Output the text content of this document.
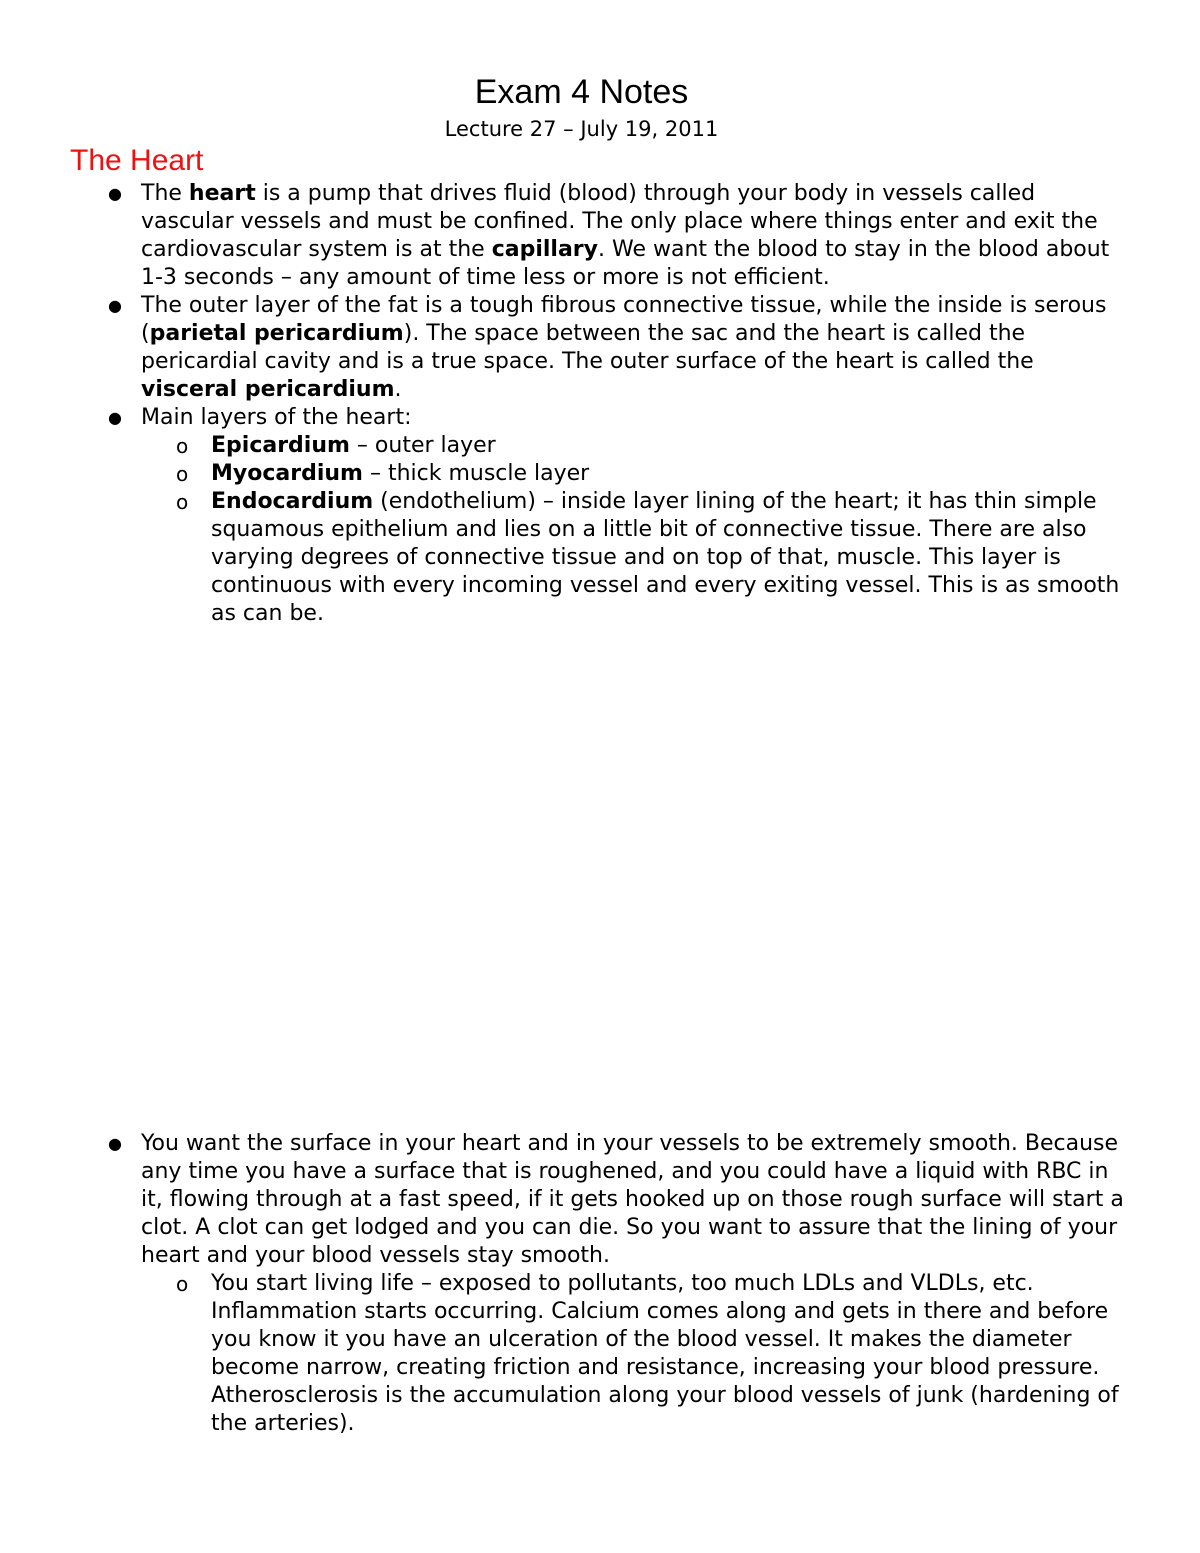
Exam 4 Notes
Lecture 27 – July 19, 2011
The Heart
● The heart is a pump that drives fluid (blood) through your body in vessels called vascular vessels and must be confined. The only place where things enter and exit the cardiovascular system is at the capillary. We want the blood to stay in the blood about 1-3 seconds – any amount of time less or more is not efficient.
● The outer layer of the fat is a tough fibrous connective tissue, while the inside is serous (parietal pericardium). The space between the sac and the heart is called the pericardial cavity and is a true space. The outer surface of the heart is called the visceral pericardium.
● Main layers of the heart:
o Epicardium – outer layer
o Myocardium – thick muscle layer
o Endocardium (endothelium) – inside layer lining of the heart; it has thin simple squamous epithelium and lies on a little bit of connective tissue. There are also varying degrees of connective tissue and on top of that, muscle. This layer is continuous with every incoming vessel and every exiting vessel. This is as smooth as can be.
● You want the surface in your heart and in your vessels to be extremely smooth. Because any time you have a surface that is roughened, and you could have a liquid with RBC in it, flowing through at a fast speed, if it gets hooked up on those rough surface will start a clot. A clot can get lodged and you can die. So you want to assure that the lining of your heart and your blood vessels stay smooth.
o You start living life – exposed to pollutants, too much LDLs and VLDLs, etc. Inflammation starts occurring. Calcium comes along and gets in there and before you know it you have an ulceration of the blood vessel. It makes the diameter become narrow, creating friction and resistance, increasing your blood pressure. Atherosclerosis is the accumulation along your blood vessels of junk (hardening of the arteries).
